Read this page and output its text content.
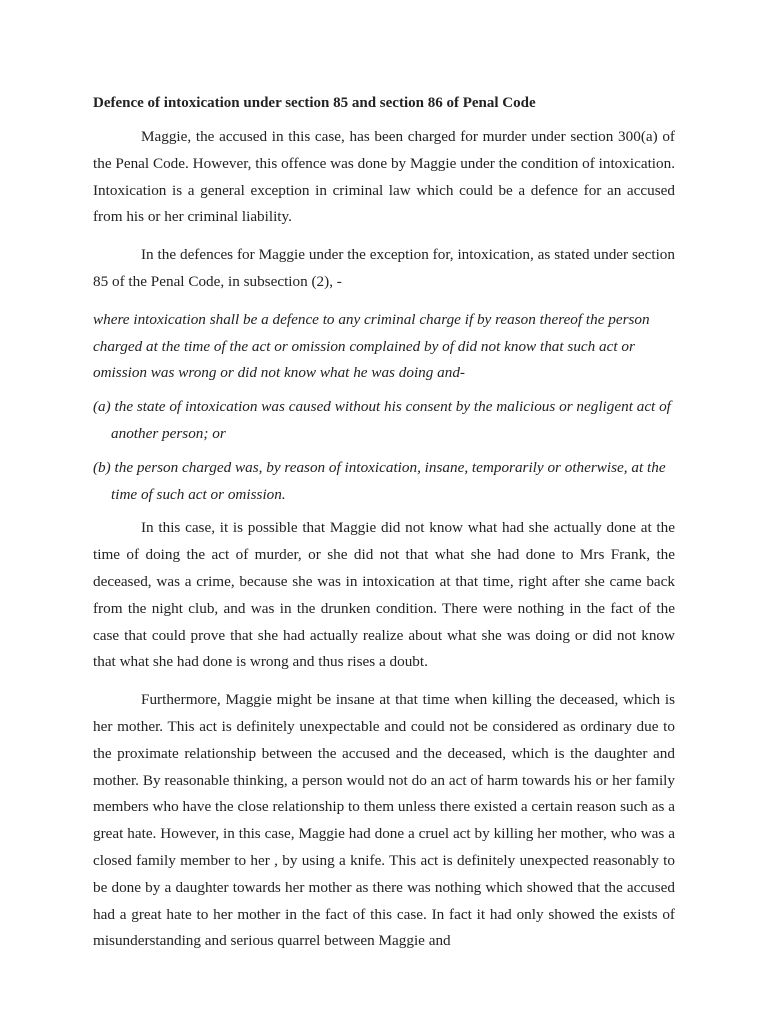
Defence of intoxication under section 85 and section 86 of Penal Code

Maggie, the accused in this case, has been charged for murder under section 300(a) of the Penal Code. However, this offence was done by Maggie under the condition of intoxication. Intoxication is a general exception in criminal law which could be a defence for an accused from his or her criminal liability.

In the defences for Maggie under the exception for, intoxication, as stated under section 85 of the Penal Code, in subsection (2), -

where intoxication shall be a defence to any criminal charge if by reason thereof the person charged at the time of the act or omission complained by of did not know that such act or omission was wrong or did not know what he was doing and-

(a) the state of intoxication was caused without his consent by the malicious or negligent act of another person; or

(b) the person charged was, by reason of intoxication, insane, temporarily or otherwise, at the time of such act or omission.

In this case, it is possible that Maggie did not know what had she actually done at the time of doing the act of murder, or she did not that what she had done to Mrs Frank, the deceased, was a crime, because she was in intoxication at that time, right after she came back from the night club, and was in the drunken condition. There were nothing in the fact of the case that could prove that she had actually realize about what she was doing or did not know that what she had done is wrong and thus rises a doubt.

Furthermore, Maggie might be insane at that time when killing the deceased, which is her mother. This act is definitely unexpectable and could not be considered as ordinary due to the proximate relationship between the accused and the deceased, which is the daughter and mother. By reasonable thinking, a person would not do an act of harm towards his or her family members who have the close relationship to them unless there existed a certain reason such as a great hate. However, in this case, Maggie had done a cruel act by killing her mother, who was a closed family member to her , by using a knife. This act is definitely unexpected reasonably to be done by a daughter towards her mother as there was nothing which showed that the accused had a great hate to her mother in the fact of this case. In fact it had only showed the exists of misunderstanding and serious quarrel between Maggie and
